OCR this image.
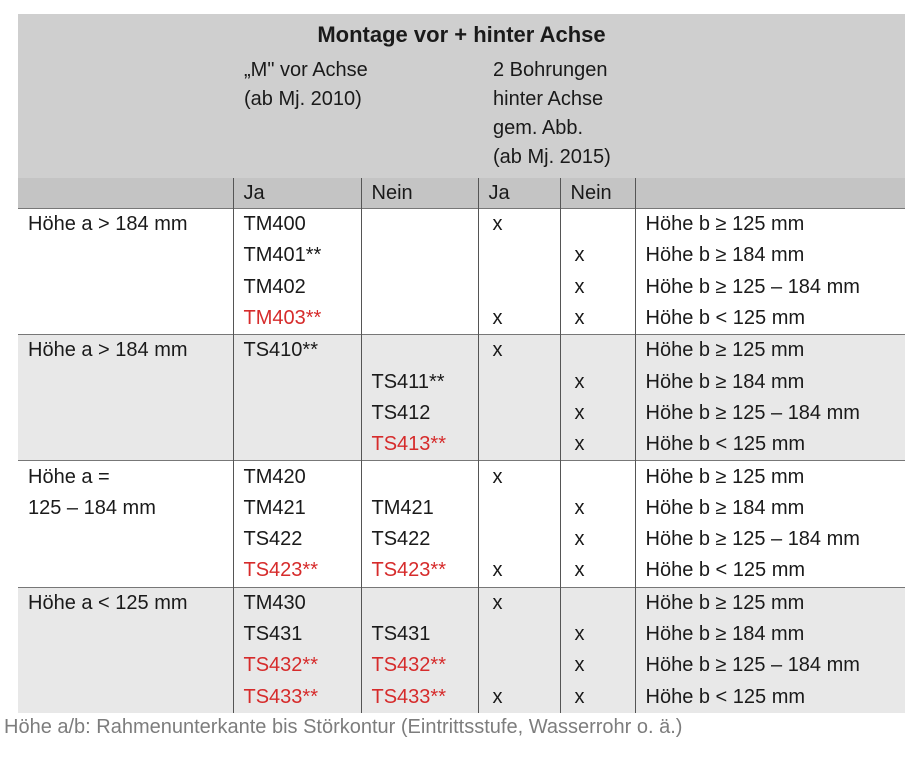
Montage vor + hinter Achse
„M" vor Achse
(ab Mj. 2010)
2 Bohrungen
hinter Achse
gem. Abb.
(ab Mj. 2015)
	Ja	Nein	Ja	Nein	
Höhe a > 184 mm	TM400		x		Höhe b ≥ 125 mm
	TM401**			x	Höhe b ≥ 184 mm
	TM402			x	Höhe b ≥ 125 – 184 mm
	TM403**		x	x	Höhe b < 125 mm
Höhe a > 184 mm	TS410**		x		Höhe b ≥ 125 mm
		TS411**		x	Höhe b ≥ 184 mm
		TS412		x	Höhe b ≥ 125 – 184 mm
		TS413**		x	Höhe b < 125 mm
Höhe a =	TM420		x		Höhe b ≥ 125 mm
125 – 184 mm	TM421	TM421		x	Höhe b ≥ 184 mm
	TS422	TS422		x	Höhe b ≥ 125 – 184 mm
	TS423**	TS423**	x	x	Höhe b < 125 mm
Höhe a < 125 mm	TM430		x		Höhe b ≥ 125 mm
	TS431	TS431		x	Höhe b ≥ 184 mm
	TS432**	TS432**		x	Höhe b ≥ 125 – 184 mm
	TS433**	TS433**	x	x	Höhe b < 125 mm
Höhe a/b: Rahmenunterkante bis Störkontur (Eintrittsstufe, Wasserrohr o. ä.)
